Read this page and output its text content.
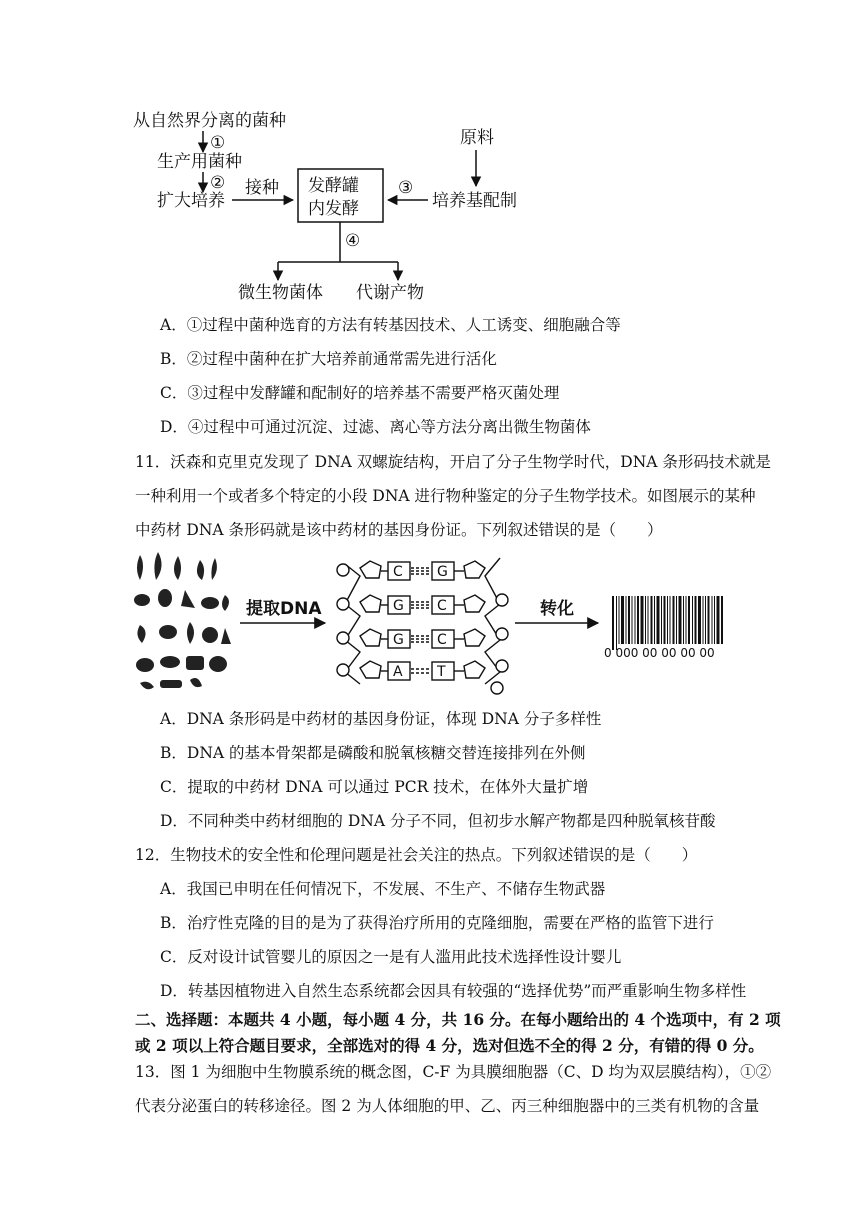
从自然界分离的菌种
①
生产用菌种
②
扩大培养
接种 发酵罐
内发酵
原料
培养基配制
③
④
微生物菌体 代谢产物
A．①过程中菌种选育的方法有转基因技术、人工诱变、细胞融合等
B．②过程中菌种在扩大培养前通常需先进行活化
C．③过程中发酵罐和配制好的培养基不需要严格灭菌处理
D．④过程中可通过沉淀、过滤、离心等方法分离出微生物菌体
11．沃森和克里克发现了 DNA 双螺旋结构，开启了分子生物学时代，DNA 条形码技术就是
一种利用一个或者多个特定的小段 DNA 进行物种鉴定的分子生物学技术。如图展示的某种
中药材 DNA 条形码就是该中药材的基因身份证。下列叙述错误的是（　　）
提取DNA
C G
G C
G C
A T
转化
0 000 00 00 00 00
A．DNA 条形码是中药材的基因身份证，体现 DNA 分子多样性
B．DNA 的基本骨架都是磷酸和脱氧核糖交替连接排列在外侧
C．提取的中药材 DNA 可以通过 PCR 技术，在体外大量扩增
D．不同种类中药材细胞的 DNA 分子不同，但初步水解产物都是四种脱氧核苷酸
12．生物技术的安全性和伦理问题是社会关注的热点。下列叙述错误的是（　　）
A．我国已申明在任何情况下，不发展、不生产、不储存生物武器
B．治疗性克隆的目的是为了获得治疗所用的克隆细胞，需要在严格的监管下进行
C．反对设计试管婴儿的原因之一是有人滥用此技术选择性设计婴儿
D．转基因植物进入自然生态系统都会因具有较强的“选择优势”而严重影响生物多样性
二、选择题：本题共 4 小题，每小题 4 分，共 16 分。在每小题给出的 4 个选项中，有 2 项
或 2 项以上符合题目要求，全部选对的得 4 分，选对但选不全的得 2 分，有错的得 0 分。
13．图 1 为细胞中生物膜系统的概念图，C-F 为具膜细胞器（C、D 均为双层膜结构），①②
代表分泌蛋白的转移途径。图 2 为人体细胞的甲、乙、丙三种细胞器中的三类有机物的含量
